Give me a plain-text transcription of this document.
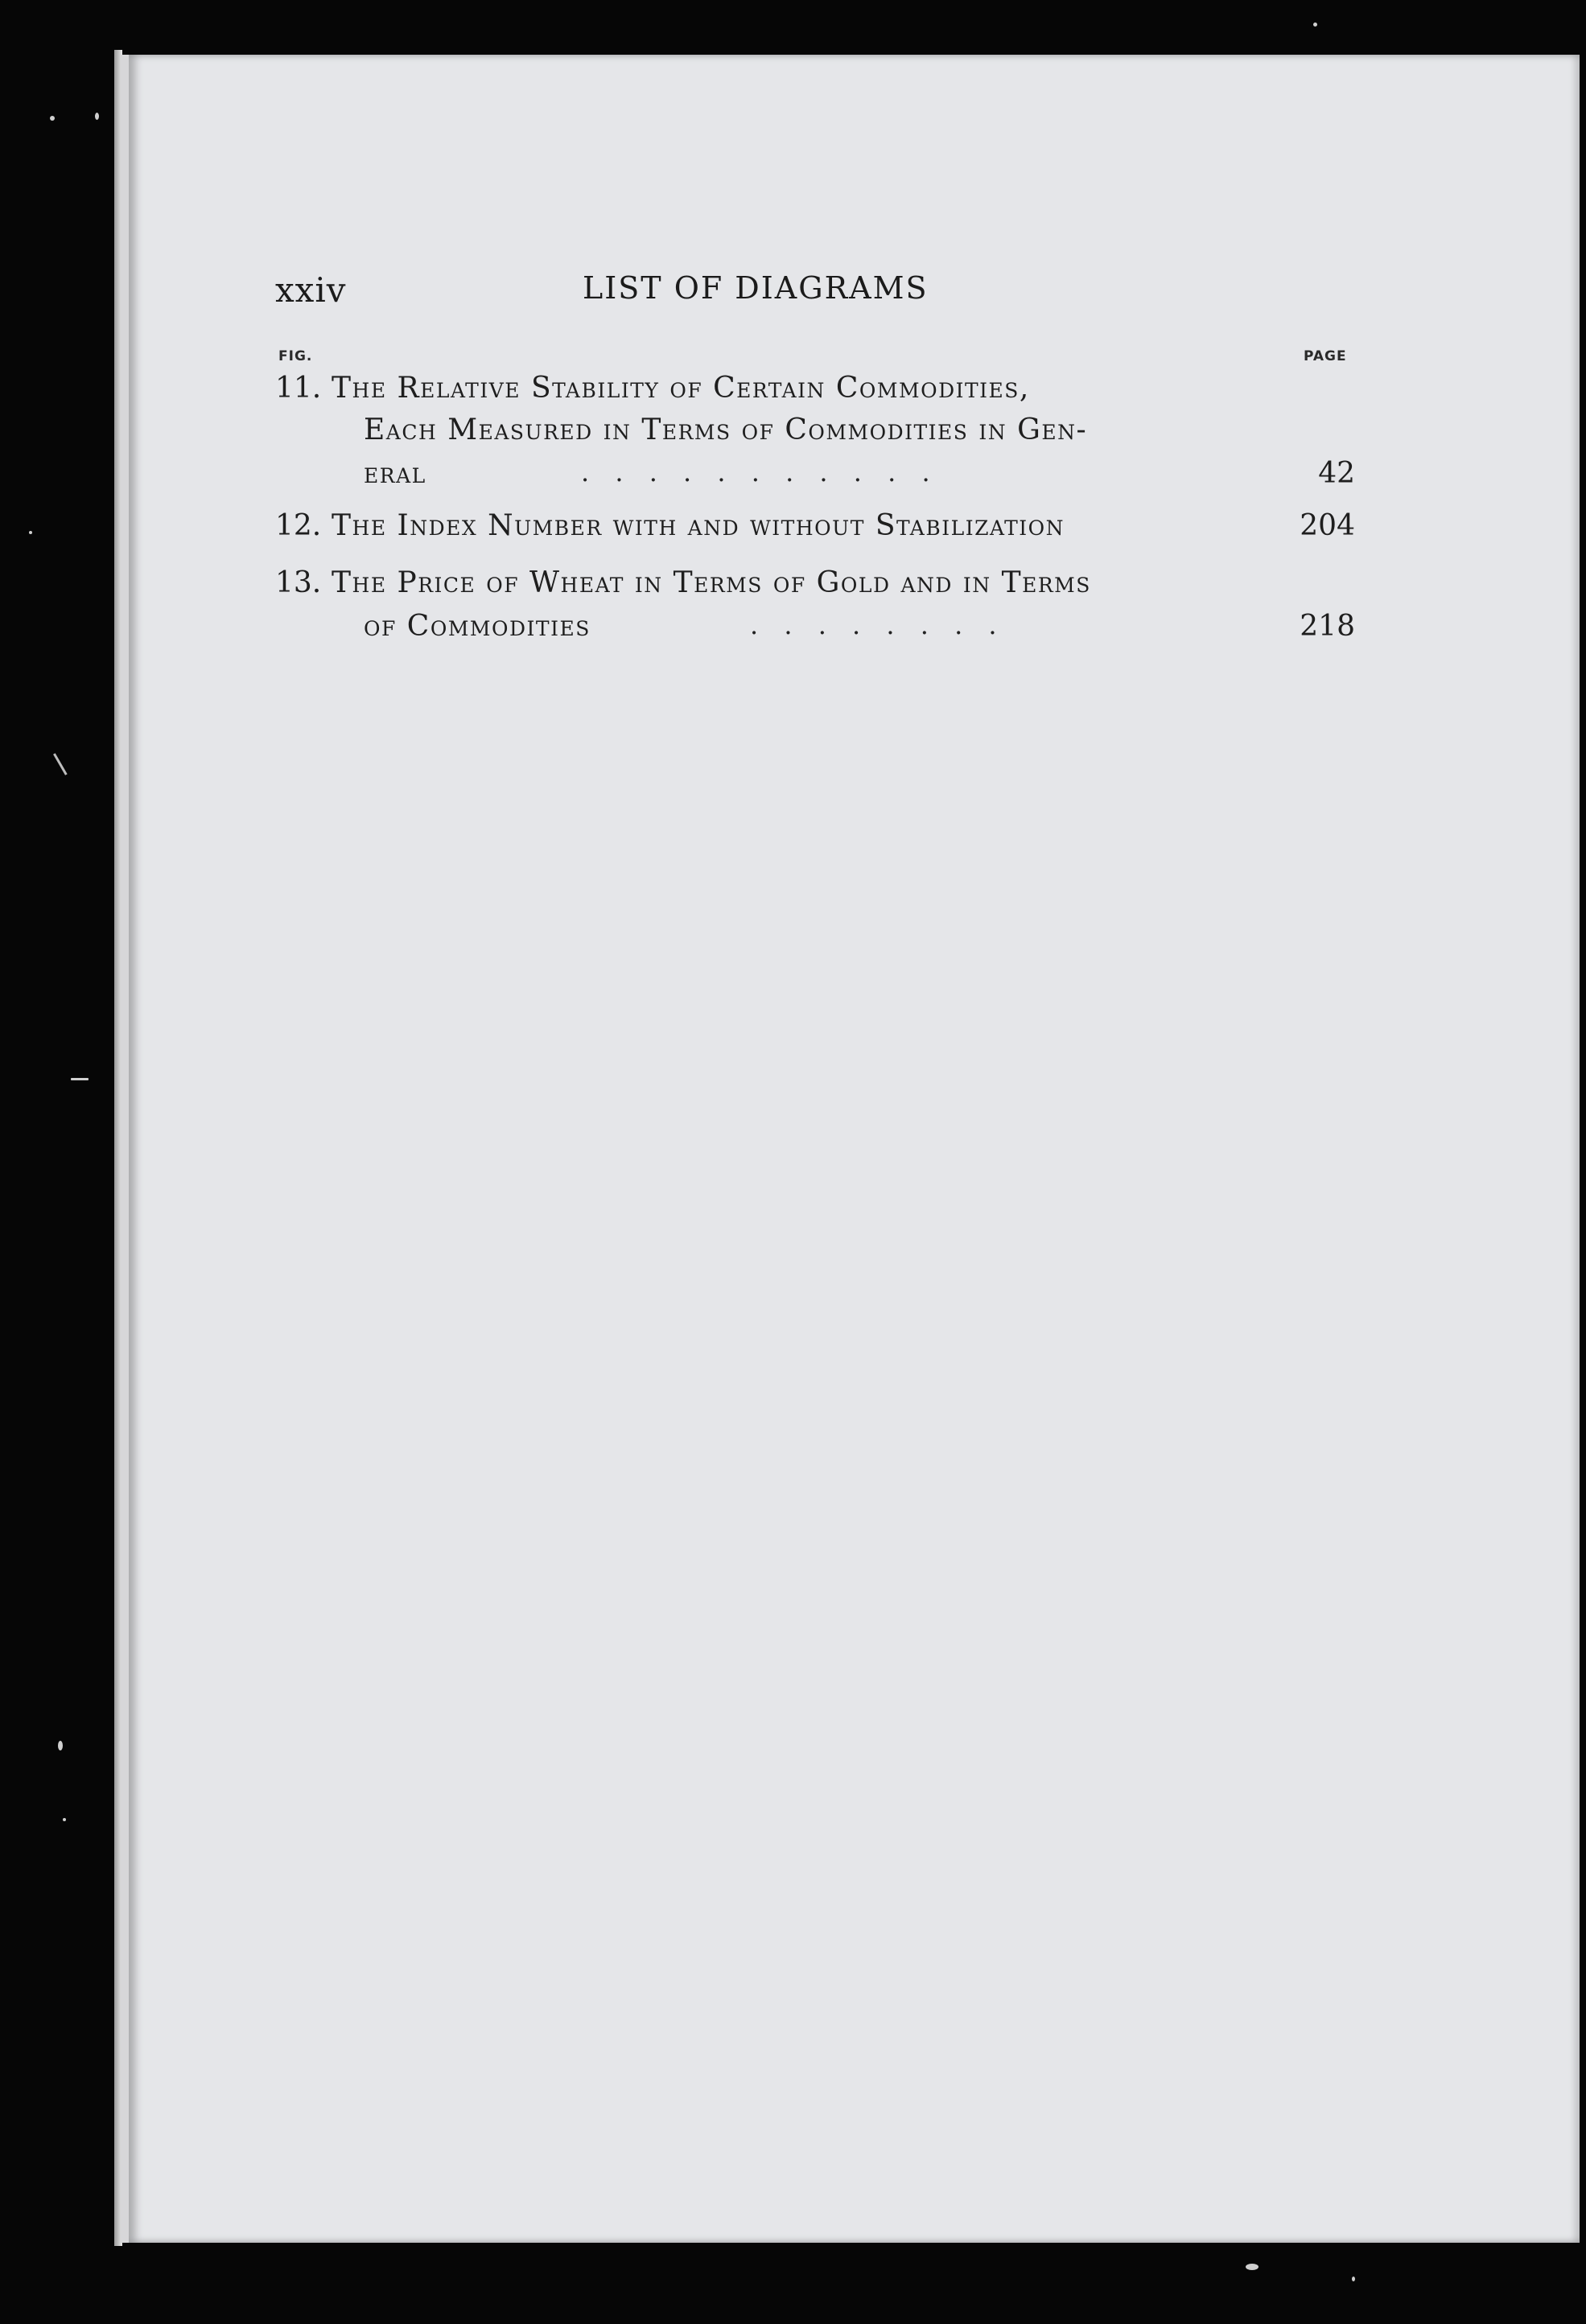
xxiv	LIST OF DIAGRAMS
FIG.	PAGE
11. The Relative Stability of Certain Commodities,
Each Measured in Terms of Commodities in Gen-
eral	. . . . . . . . . . .	42
12. The Index Number with and without Stabilization	204
13. The Price of Wheat in Terms of Gold and in Terms
of Commodities	. . . . . . . .	218
